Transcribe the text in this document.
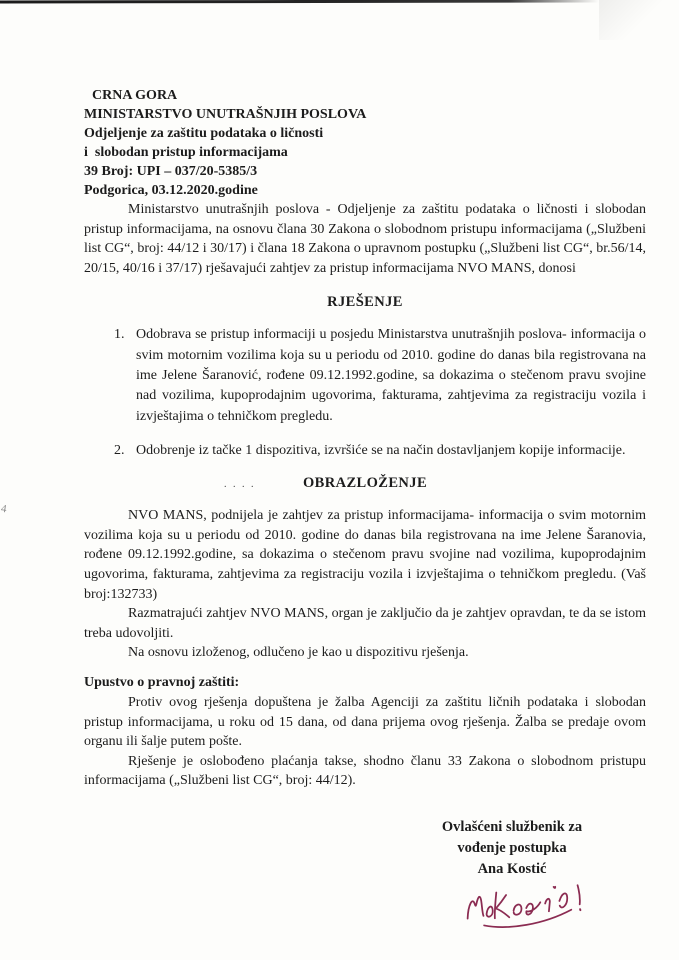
4
CRNA GORA
MINISTARSTVO UNUTRAŠNJIH POSLOVA
Odjeljenje za zaštitu podataka o ličnosti
i  slobodan pristup informacijama
39 Broj: UPI – 037/20-5385/3
Podgorica, 03.12.2020.godine

Ministarstvo unutrašnjih poslova - Odjeljenje za zaštitu podataka o ličnosti i slobodan pristup informacijama, na osnovu člana 30 Zakona o slobodnom pristupu informacijama („Službeni list CG“, broj: 44/12 i 30/17) i člana 18 Zakona o upravnom postupku („Službeni list CG“, br.56/14, 20/15, 40/16 i 37/17) rješavajući zahtjev za pristup informacijama NVO MANS, donosi

RJEŠENJE
1. Odobrava se pristup informaciji u posjedu Ministarstva unutrašnjih poslova- informacija o svim motornim vozilima koja su u periodu od 2010. godine do danas bila registrovana na ime Jelene Šaranović, rođene 09.12.1992.godine, sa dokazima o stečenom pravu svojine nad vozilima, kupoprodajnim ugovorima, fakturama, zahtjevima za registraciju vozila i izvještajima o tehničkom pregledu.
2. Odobrenje iz tačke 1 dispozitiva, izvršiće se na način dostavljanjem kopije informacije.
. . . .	OBRAZLOŽENJE

NVO MANS, podnijela je zahtjev za pristup informacijama- informacija o svim motornim vozilima koja su u periodu od 2010. godine do danas bila registrovana na ime Jelene Šaranovia, rođene 09.12.1992.godine, sa dokazima o stečenom pravu svojine nad vozilima, kupoprodajnim ugovorima, fakturama, zahtjevima za registraciju vozila i izvještajima o tehničkom pregledu. (Vaš broj:132733)

Razmatrajući zahtjev NVO MANS, organ je zaključio da je zahtjev opravdan, te da se istom treba udovoljiti.

Na osnovu izloženog, odlučeno je kao u dispozitivu rješenja.

Upustvo o pravnoj zaštiti:

Protiv ovog rješenja dopuštena je žalba Agenciji za zaštitu ličnih podataka i slobodan pristup informacijama, u roku od 15 dana, od dana prijema ovog rješenja. Žalba se predaje ovom organu ili šalje putem pošte.

Rješenje je oslobođeno plaćanja takse, shodno članu 33 Zakona o slobodnom pristupu informacijama („Službeni list CG“, broj: 44/12).

Ovlašćeni službenik za
vođenje postupka
Ana Kostić
